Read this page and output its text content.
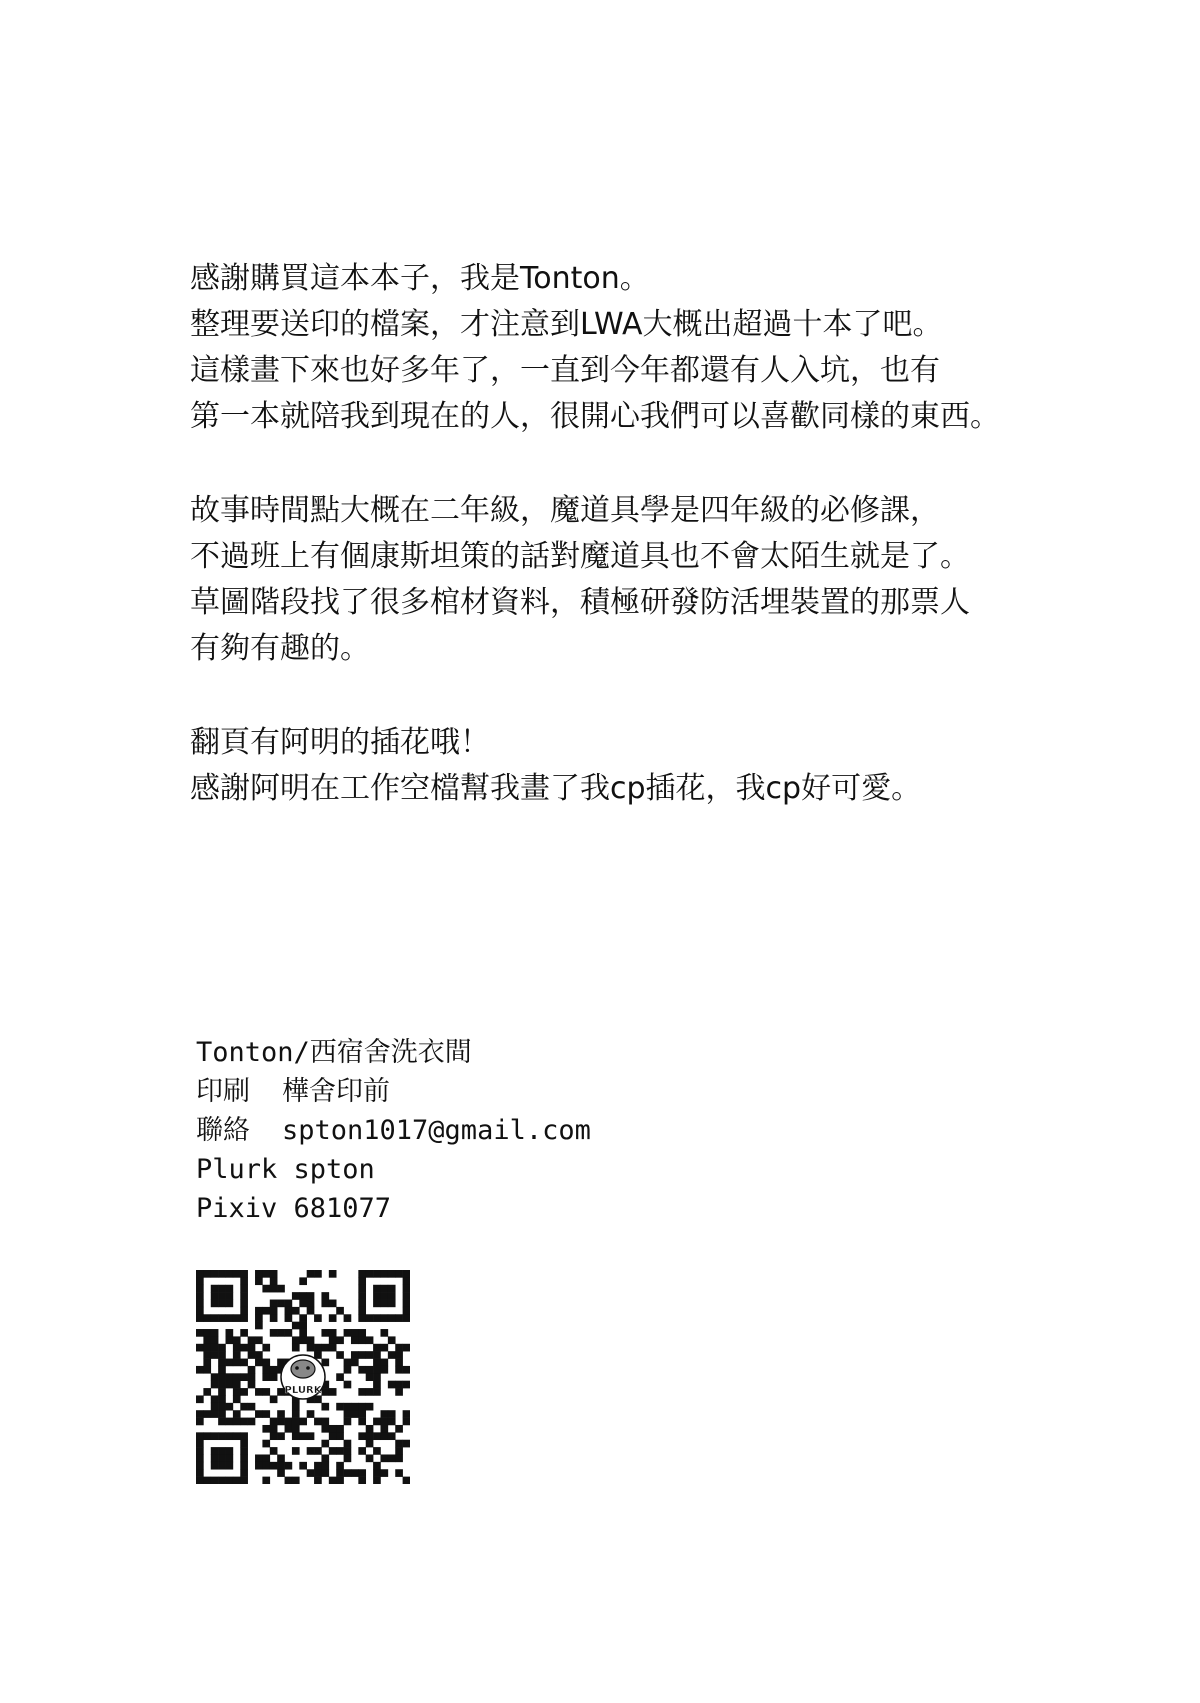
感謝購買這本本子，我是Tonton。
整理要送印的檔案，才注意到LWA大概出超過十本了吧。
這樣畫下來也好多年了，一直到今年都還有人入坑，也有
第一本就陪我到現在的人，很開心我們可以喜歡同樣的東西。
故事時間點大概在二年級，魔道具學是四年級的必修課，
不過班上有個康斯坦策的話對魔道具也不會太陌生就是了。
草圖階段找了很多棺材資料，積極研發防活埋裝置的那票人
有夠有趣的。
翻頁有阿明的插花哦！
感謝阿明在工作空檔幫我畫了我cp插花，我cp好可愛。
Tonton/西宿舍洗衣間
印刷 樺舍印前
聯絡 spton1017@gmail.com
Plurk spton
Pixiv 681077
PLURK
